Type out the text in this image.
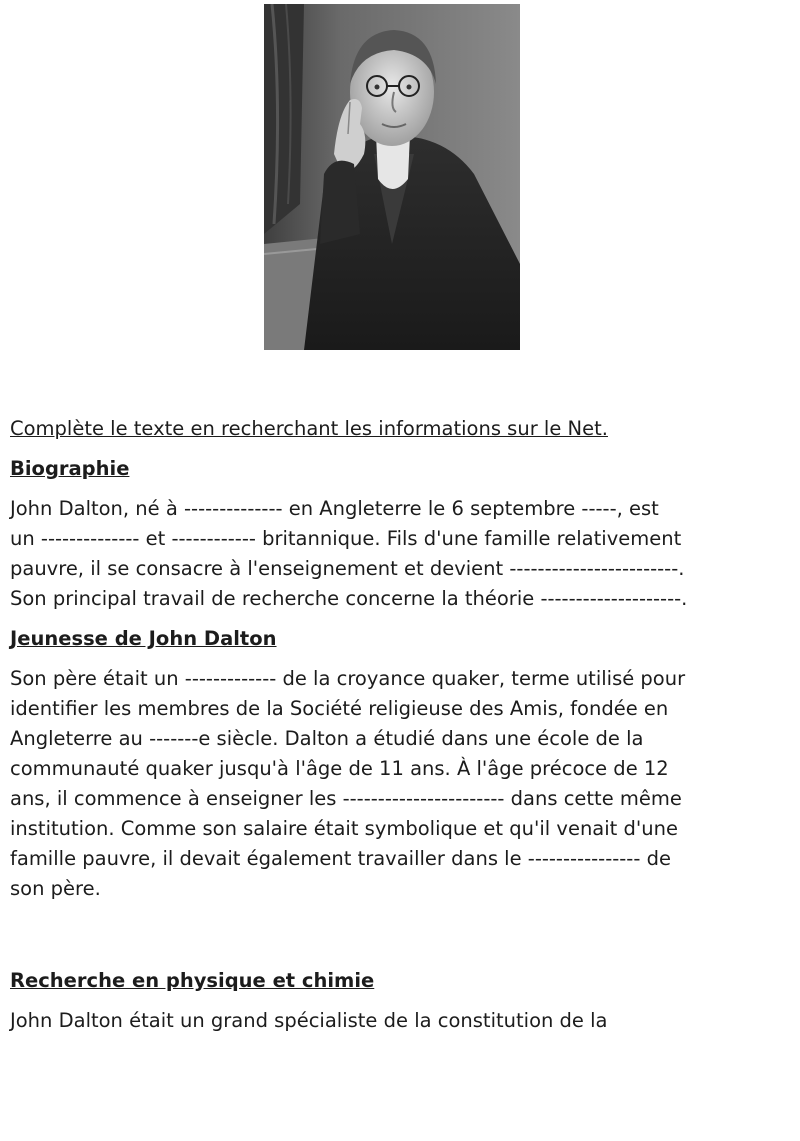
Complète le texte en recherchant les informations sur le Net.

Biographie

John Dalton, né à -------------- en Angleterre le 6 septembre -----, est
un -------------- et ------------ britannique. Fils d'une famille relativement
pauvre, il se consacre à l'enseignement et devient ------------------------.
Son principal travail de recherche concerne la théorie --------------------.

Jeunesse de John Dalton

Son père était un ------------- de la croyance quaker, terme utilisé pour
identifier les membres de la Société religieuse des Amis, fondée en
Angleterre au -------e siècle. Dalton a étudié dans une école de la
communauté quaker jusqu'à l'âge de 11 ans. À l'âge précoce de 12
ans, il commence à enseigner les ----------------------- dans cette même
institution. Comme son salaire était symbolique et qu'il venait d'une
famille pauvre, il devait également travailler dans le ---------------- de
son père.

Recherche en physique et chimie

John Dalton était un grand spécialiste de la constitution de la
